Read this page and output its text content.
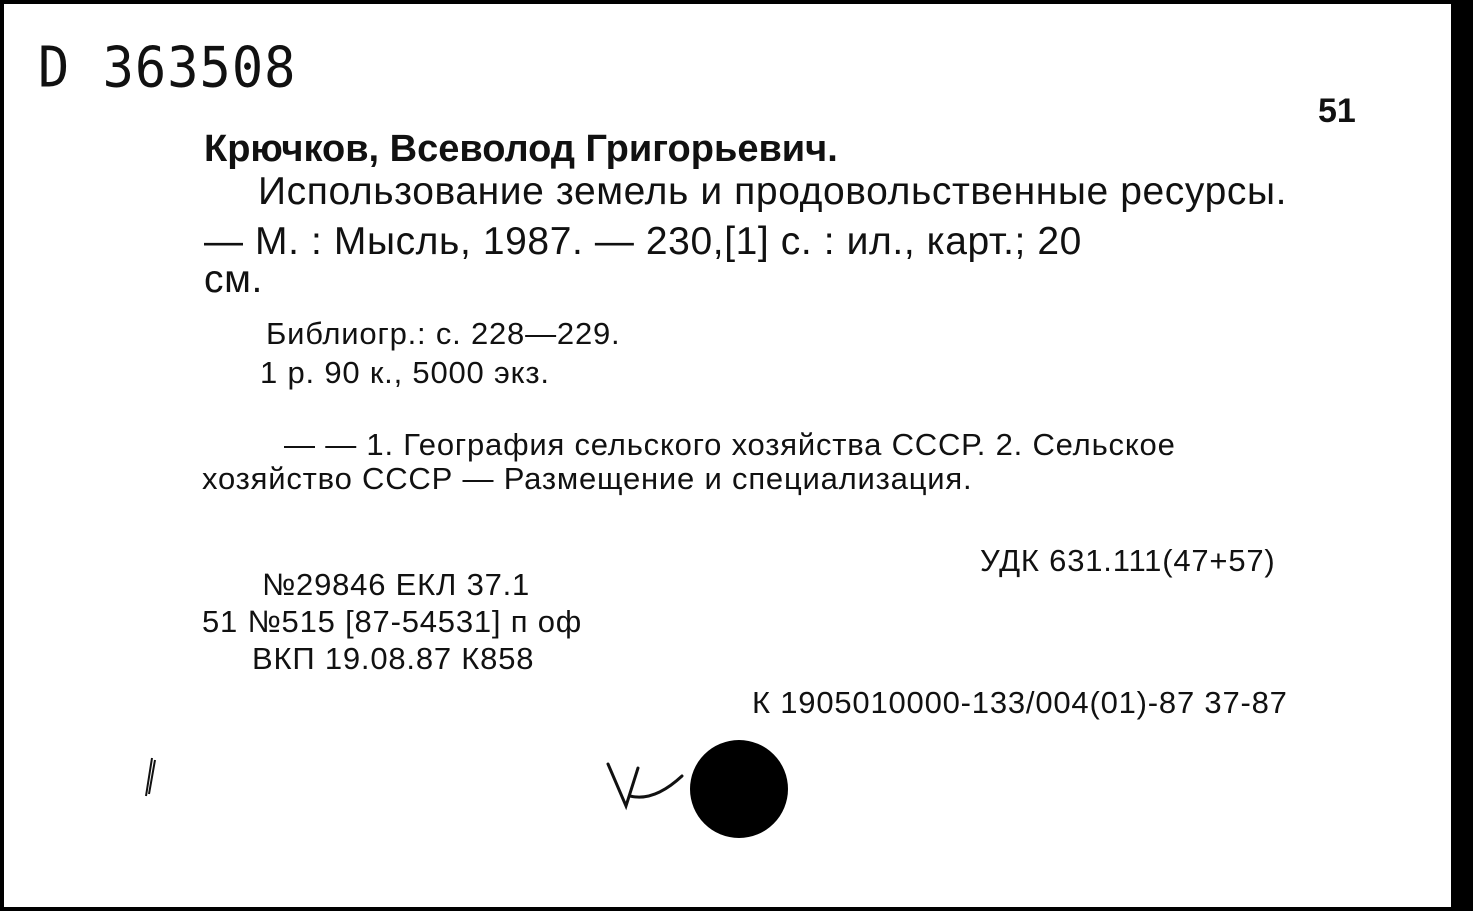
D 363508
51
Крючков, Всеволод Григорьевич.
Использование земель и продовольственные ресурсы.
— М. : Мысль, 1987. — 230,[1] с. : ил., карт.; 20
см.
Библиогр.: с. 228—229.
1 р. 90 к., 5000 экз.
— — 1. География сельского хозяйства СССР. 2. Сельское
хозяйство СССР — Размещение и специализация.
УДК 631.111(47+57)
№29846 ЕКЛ 37.1
51 №515 [87-54531] п оф
ВКП 19.08.87 К858
К 1905010000-133/004(01)-87 37-87
